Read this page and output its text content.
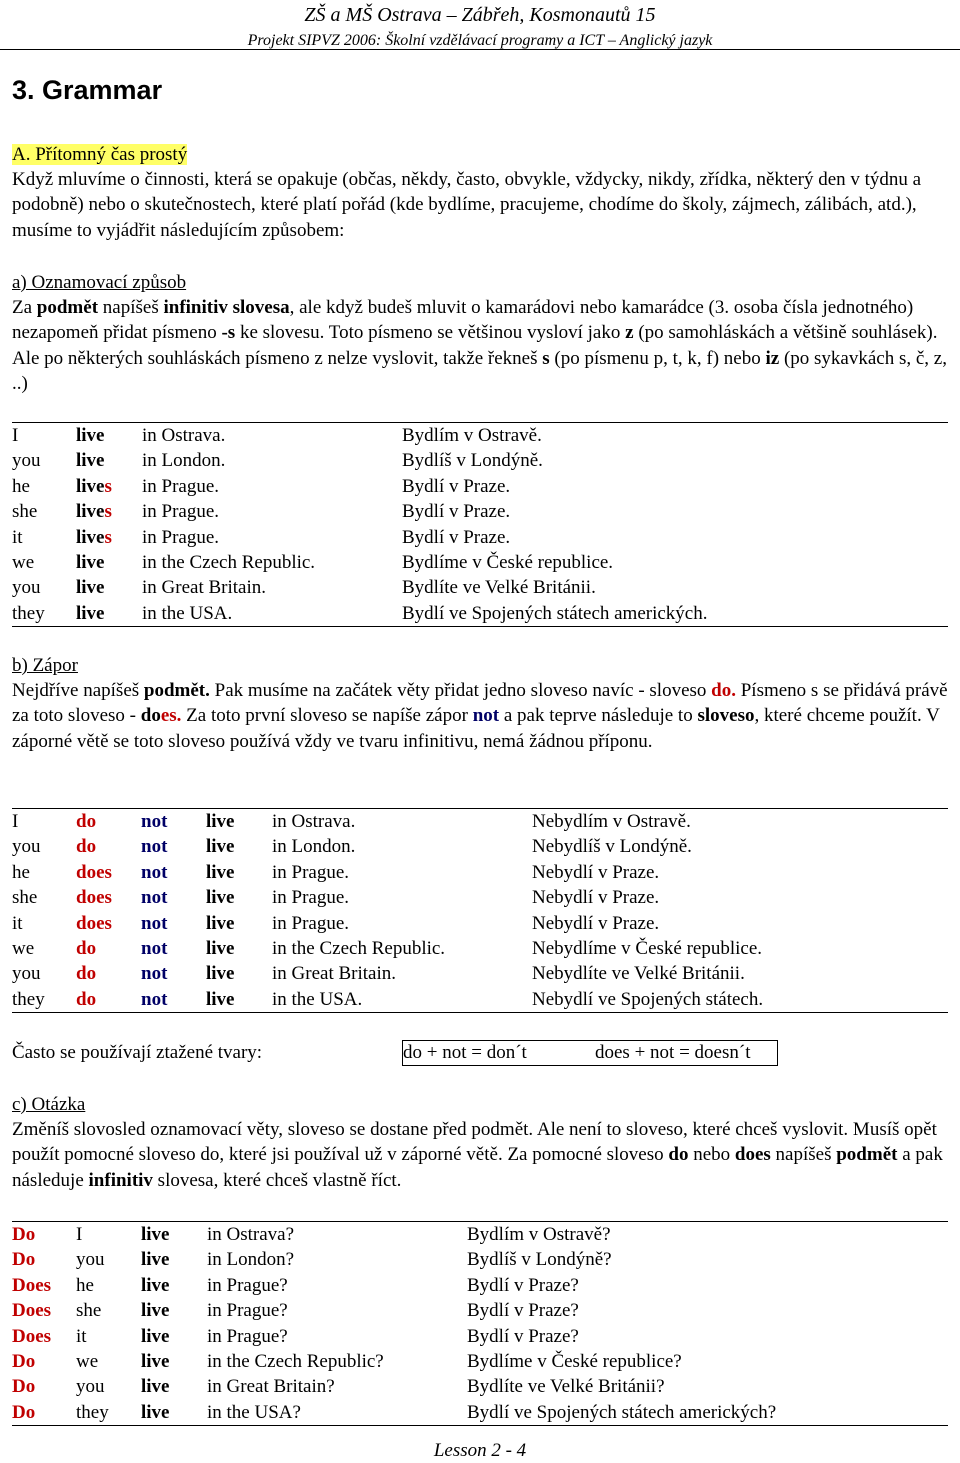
ZŠ a MŠ Ostrava – Zábřeh, Kosmonautů 15
Projekt SIPVZ 2006: Školní vzdělávací programy a ICT – Anglický jazyk
3. Grammar
A. Přítomný čas prostý
Když mluvíme o činnosti, která se opakuje (občas, někdy, často, obvykle, vždycky, nikdy, zřídka, některý den v týdnu a podobně) nebo o skutečnostech, které platí pořád (kde bydlíme, pracujeme, chodíme do školy, zájmech, zálibách, atd.), musíme to vyjádřit následujícím způsobem:
a) Oznamovací způsob
Za podmět napíšeš infinitiv slovesa, ale když budeš mluvit o kamarádovi nebo kamarádce (3. osoba čísla jednotného) nezapomeň přidat písmeno -s ke slovesu. Toto písmeno se většinou vysloví jako z (po samohláskách a většině souhlásek). Ale po některých souhláskách písmeno z nelze vyslovit, takže řekneš s (po písmenu p, t, k, f) nebo iz (po sykavkách s, č, z, ..)
I	live	in Ostrava.	Bydlím v Ostravě.
you	live	in London.	Bydlíš v Londýně.
he	lives	in Prague.	Bydlí v Praze.
she	lives	in Prague.	Bydlí v Praze.
it	lives	in Prague.	Bydlí v Praze.
we	live	in the Czech Republic.	Bydlíme v České republice.
you	live	in Great Britain.	Bydlíte ve Velké Británii.
they	live	in the USA.	Bydlí ve Spojených státech amerických.
b) Zápor
Nejdříve napíšeš podmět. Pak musíme na začátek věty přidat jedno sloveso navíc - sloveso do. Písmeno s se přidává právě za toto sloveso - does. Za toto první sloveso se napíše zápor not a pak teprve následuje to sloveso, které chceme použít. V záporné větě se toto sloveso používá vždy ve tvaru infinitivu, nemá žádnou příponu.
I	do	not	live	in Ostrava.	Nebydlím v Ostravě.
you	do	not	live	in London.	Nebydlíš v Londýně.
he	does	not	live	in Prague.	Nebydlí v Praze.
she	does	not	live	in Prague.	Nebydlí v Praze.
it	does	not	live	in Prague.	Nebydlí v Praze.
we	do	not	live	in the Czech Republic.	Nebydlíme v České republice.
you	do	not	live	in Great Britain.	Nebydlíte ve Velké Británii.
they	do	not	live	in the USA.	Nebydlí ve Spojených státech.
Často se používají ztažené tvary:	do + not = don´t	does + not = doesn´t
c) Otázka
Změníš slovosled oznamovací věty, sloveso se dostane před podmět. Ale není to sloveso, které chceš vyslovit. Musíš opět použít pomocné sloveso do, které jsi používal už v záporné větě. Za pomocné sloveso do nebo does napíšeš podmět a pak následuje infinitiv slovesa, které chceš vlastně říct.
Do	I	live	in Ostrava?	Bydlím v Ostravě?
Do	you	live	in London?	Bydlíš v Londýně?
Does	he	live	in Prague?	Bydlí v Praze?
Does	she	live	in Prague?	Bydlí v Praze?
Does	it	live	in Prague?	Bydlí v Praze?
Do	we	live	in the Czech Republic?	Bydlíme v České republice?
Do	you	live	in Great Britain?	Bydlíte ve Velké Británii?
Do	they	live	in the USA?	Bydlí ve Spojených státech amerických?
Lesson 2 - 4
